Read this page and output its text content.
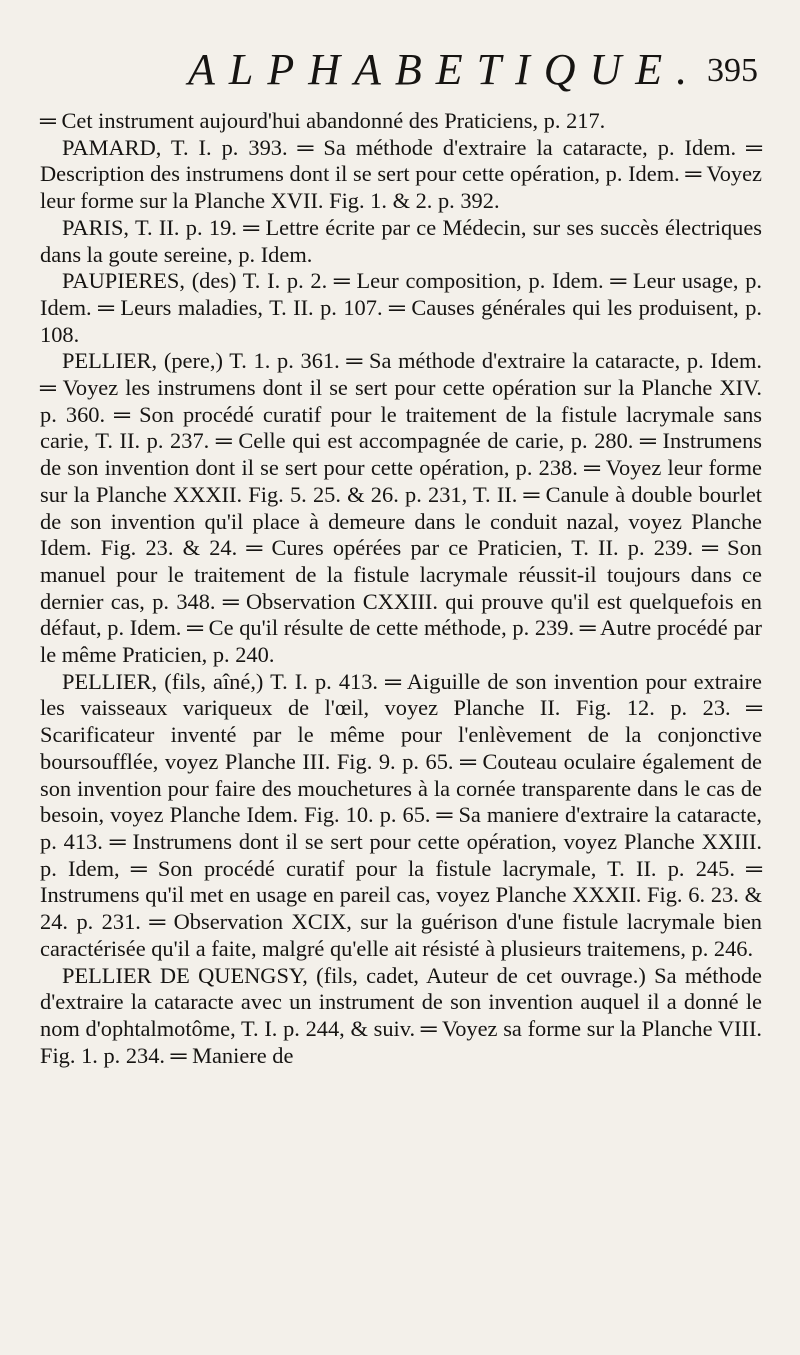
ALPHABETIQUE. 395

═ Cet instrument aujourd'hui abandonné des Praticiens, p. 217.

PAMARD, T. I. p. 393. ═ Sa méthode d'extraire la cataracte, p. Idem. ═ Description des instrumens dont il se sert pour cette opération, p. Idem. ═ Voyez leur forme sur la Planche XVII. Fig. 1. & 2. p. 392.

PARIS, T. II. p. 19. ═ Lettre écrite par ce Médecin, sur ses succès électriques dans la goute sereine, p. Idem.

PAUPIERES, (des) T. I. p. 2. ═ Leur composition, p. Idem. ═ Leur usage, p. Idem. ═ Leurs maladies, T. II. p. 107. ═ Causes générales qui les produisent, p. 108.

PELLIER, (pere,) T. 1. p. 361. ═ Sa méthode d'extraire la cataracte, p. Idem. ═ Voyez les instrumens dont il se sert pour cette opération sur la Planche XIV. p. 360. ═ Son procédé curatif pour le traitement de la fistule lacrymale sans carie, T. II. p. 237. ═ Celle qui est accompagnée de carie, p. 280. ═ Instrumens de son invention dont il se sert pour cette opération, p. 238. ═ Voyez leur forme sur la Planche XXXII. Fig. 5. 25. & 26. p. 231, T. II. ═ Canule à double bourlet de son invention qu'il place à demeure dans le conduit nazal, voyez Planche Idem. Fig. 23. & 24. ═ Cures opérées par ce Praticien, T. II. p. 239. ═ Son manuel pour le traitement de la fistule lacrymale réussit-il toujours dans ce dernier cas, p. 348. ═ Observation CXXIII. qui prouve qu'il est quelquefois en défaut, p. Idem. ═ Ce qu'il résulte de cette méthode, p. 239. ═ Autre procédé par le même Praticien, p. 240.

PELLIER, (fils, aîné,) T. I. p. 413. ═ Aiguille de son invention pour extraire les vaisseaux variqueux de l'œil, voyez Planche II. Fig. 12. p. 23. ═ Scarificateur inventé par le même pour l'enlèvement de la conjonctive boursoufflée, voyez Planche III. Fig. 9. p. 65. ═ Couteau oculaire également de son invention pour faire des mouchetures à la cornée transparente dans le cas de besoin, voyez Planche Idem. Fig. 10. p. 65. ═ Sa maniere d'extraire la cataracte, p. 413. ═ Instrumens dont il se sert pour cette opération, voyez Planche XXIII. p. Idem, ═ Son procédé curatif pour la fistule lacrymale, T. II. p. 245. ═ Instrumens qu'il met en usage en pareil cas, voyez Planche XXXII. Fig. 6. 23. & 24. p. 231. ═ Observation XCIX, sur la guérison d'une fistule lacrymale bien caractérisée qu'il a faite, malgré qu'elle ait résisté à plusieurs traitemens, p. 246.

PELLIER DE QUENGSY, (fils, cadet, Auteur de cet ouvrage.) Sa méthode d'extraire la cataracte avec un instrument de son invention auquel il a donné le nom d'ophtalmotôme, T. I. p. 244, & suiv. ═ Voyez sa forme sur la Planche VIII. Fig. 1. p. 234. ═ Maniere de
